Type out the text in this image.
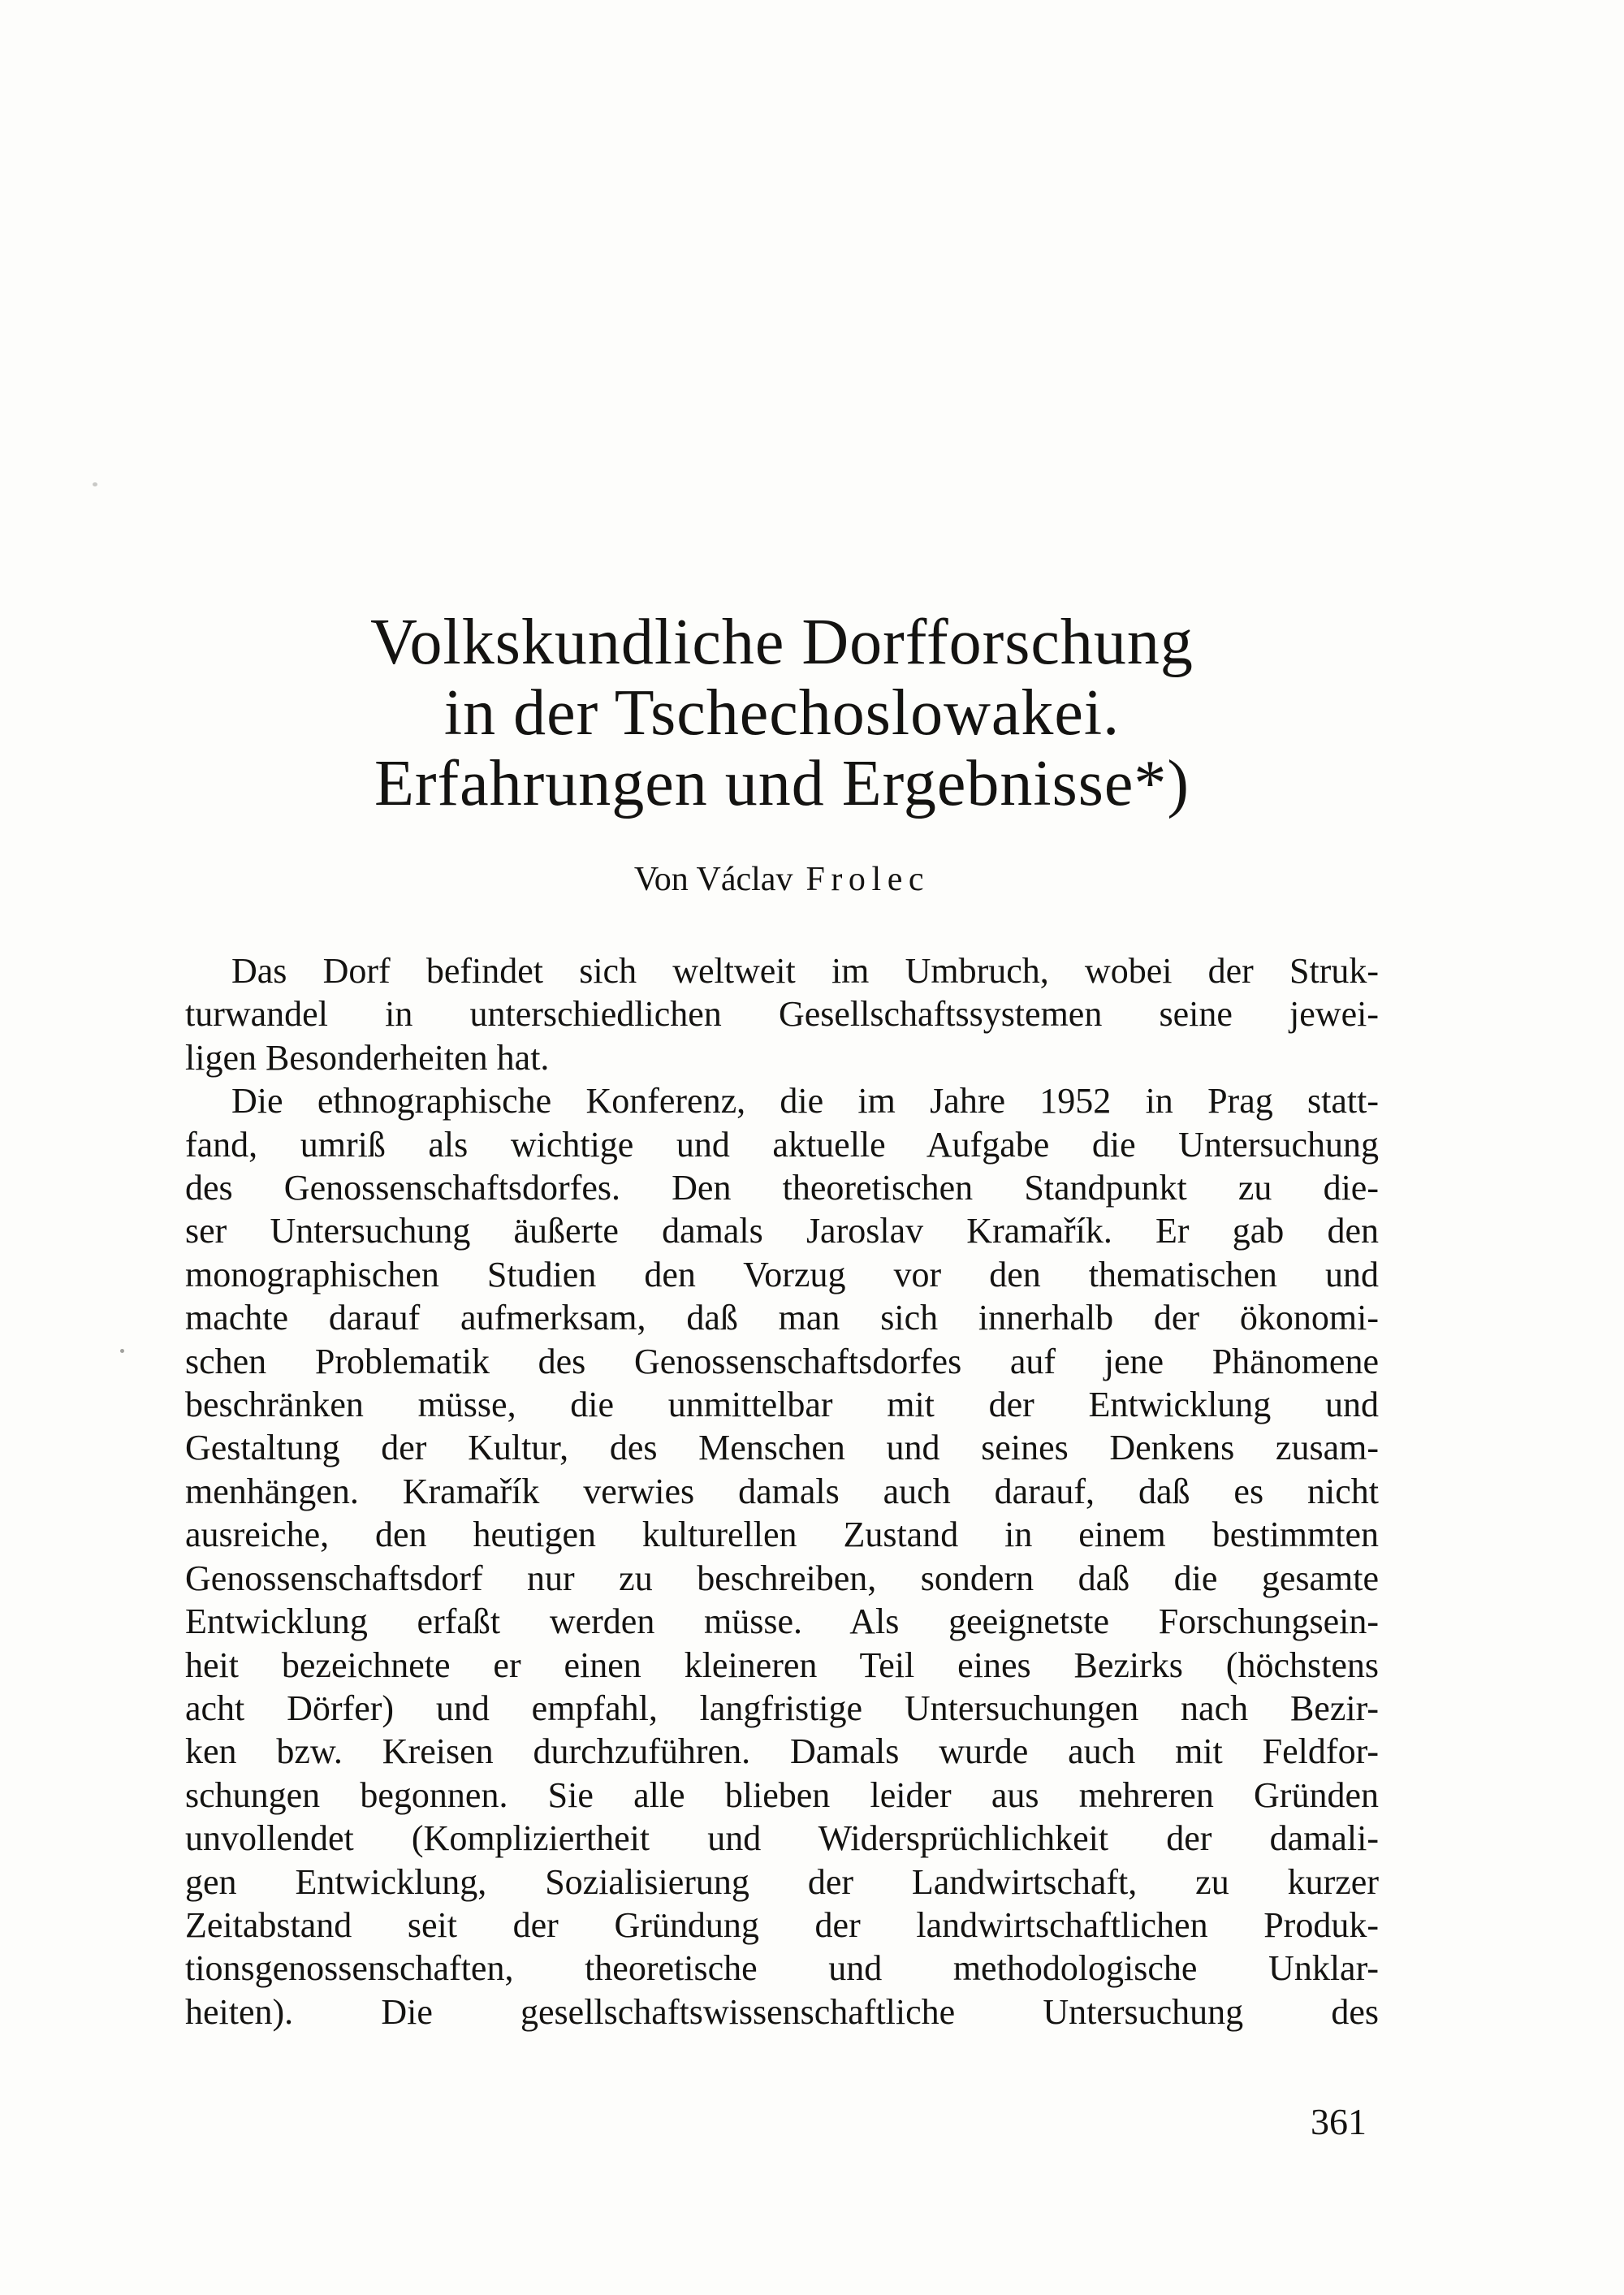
Volkskundliche Dorfforschung
in der Tschechoslowakei.
Erfahrungen und Ergebnisse*)
Von Václav Frolec
Das Dorf befindet sich weltweit im Umbruch, wobei der Struk-
turwandel in unterschiedlichen Gesellschaftssystemen seine jewei-
ligen Besonderheiten hat.
Die ethnographische Konferenz, die im Jahre 1952 in Prag statt-
fand, umriß als wichtige und aktuelle Aufgabe die Untersuchung
des Genossenschaftsdorfes. Den theoretischen Standpunkt zu die-
ser Untersuchung äußerte damals Jaroslav Kramařík. Er gab den
monographischen Studien den Vorzug vor den thematischen und
machte darauf aufmerksam, daß man sich innerhalb der ökonomi-
schen Problematik des Genossenschaftsdorfes auf jene Phänomene
beschränken müsse, die unmittelbar mit der Entwicklung und
Gestaltung der Kultur, des Menschen und seines Denkens zusam-
menhängen. Kramařík verwies damals auch darauf, daß es nicht
ausreiche, den heutigen kulturellen Zustand in einem bestimmten
Genossenschaftsdorf nur zu beschreiben, sondern daß die gesamte
Entwicklung erfaßt werden müsse. Als geeignetste Forschungsein-
heit bezeichnete er einen kleineren Teil eines Bezirks (höchstens
acht Dörfer) und empfahl, langfristige Untersuchungen nach Bezir-
ken bzw. Kreisen durchzuführen. Damals wurde auch mit Feldfor-
schungen begonnen. Sie alle blieben leider aus mehreren Gründen
unvollendet (Kompliziertheit und Widersprüchlichkeit der damali-
gen Entwicklung, Sozialisierung der Landwirtschaft, zu kurzer
Zeitabstand seit der Gründung der landwirtschaftlichen Produk-
tionsgenossenschaften, theoretische und methodologische Unklar-
heiten). Die gesellschaftswissenschaftliche Untersuchung des
361
